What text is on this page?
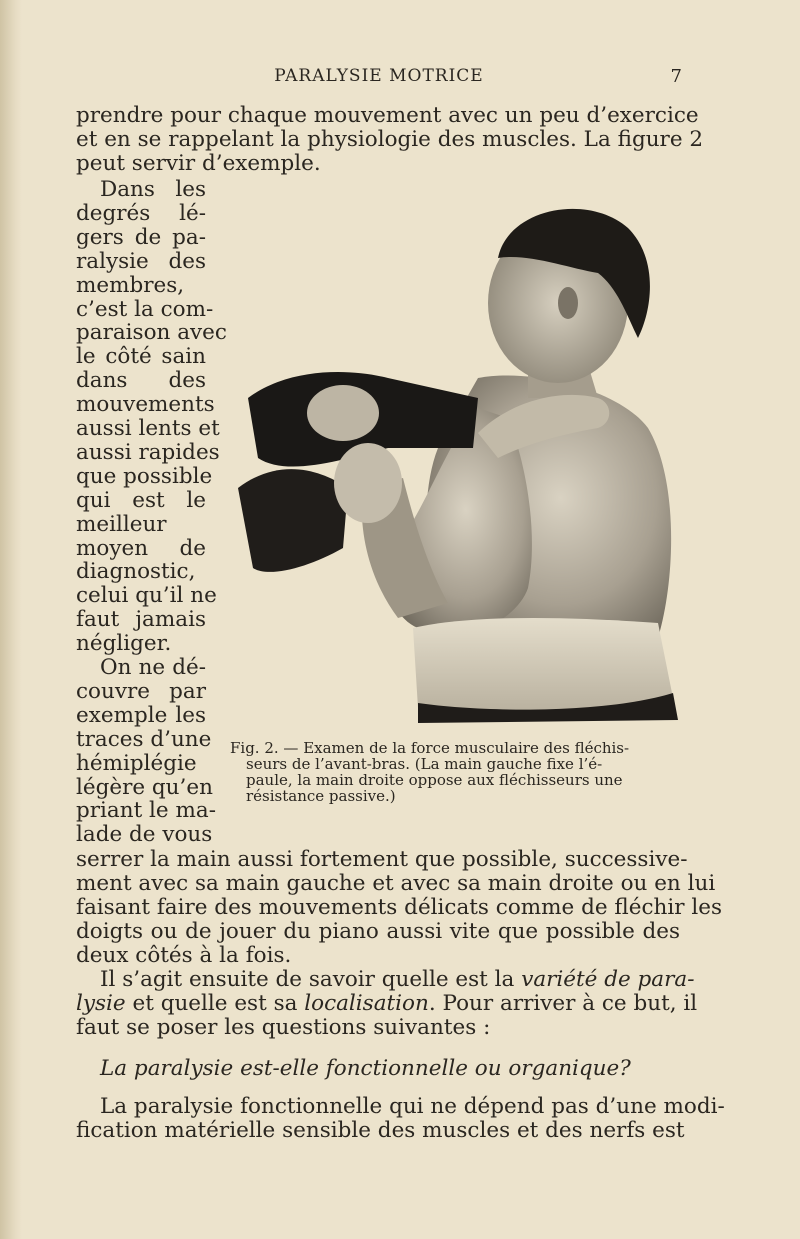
PARALYSIE MOTRICE	7
prendre pour chaque mouvement avec un peu d’exercice
et en se rappelant la physiologie des muscles. La figure 2
peut servir d’exemple.
Dans les
degrés lé-
gers de pa-
ralysie des
membres,
c’est la com-
paraison avec
le côté sain
dans des
mouvements
aussi lents et
aussi rapides
que possible
qui est le
meilleur
moyen de
diagnostic,
celui qu’il ne
faut jamais
négliger.
On ne dé-
couvre par
exemple les
traces d’une
hémiplégie
légère qu’en
priant le ma-
lade de vous
Fig. 2. — Examen de la force musculaire des fléchis-
seurs de l’avant-bras. (La main gauche fixe l’é-
paule, la main droite oppose aux fléchisseurs une
résistance passive.)
serrer la main aussi fortement que possible, successive-
ment avec sa main gauche et avec sa main droite ou en lui
faisant faire des mouvements délicats comme de fléchir les
doigts ou de jouer du piano aussi vite que possible des
deux côtés à la fois.
Il s’agit ensuite de savoir quelle est la variété de para-
lysie et quelle est sa localisation. Pour arriver à ce but, il
faut se poser les questions suivantes :
La paralysie est-elle fonctionnelle ou organique?
La paralysie fonctionnelle qui ne dépend pas d’une modi-
fication matérielle sensible des muscles et des nerfs est
